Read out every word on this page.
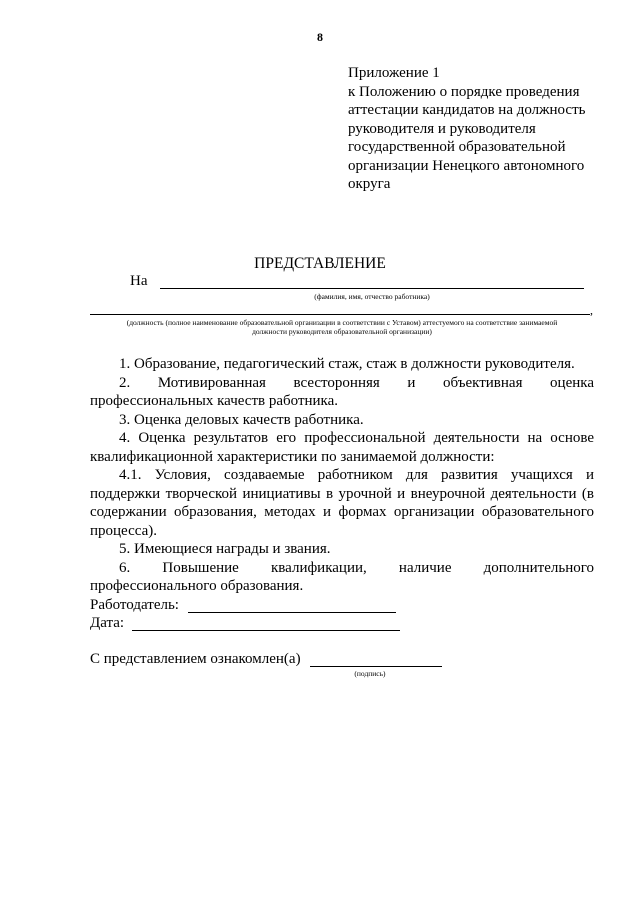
8
Приложение 1
к Положению о порядке проведения
аттестации кандидатов на должность
руководителя и руководителя
государственной образовательной
организации Ненецкого автономного
округа
ПРЕДСТАВЛЕНИЕ
На
(фамилия, имя, отчество работника)
,
(должность (полное наименование образовательной организации в соответствии с Уставом) аттестуемого на соответствие занимаемой
должности руководителя образовательной организации)
1. Образование, педагогический стаж, стаж в должности руководителя.
2. Мотивированная всесторонняя и объективная оценка профессиональных качеств работника.
3. Оценка деловых качеств работника.
4. Оценка результатов его профессиональной деятельности на основе квалификационной характеристики по занимаемой должности:
4.1. Условия, создаваемые работником для развития учащихся и поддержки творческой инициативы в урочной и внеурочной деятельности (в содержании образования, методах и формах организации образовательного процесса).
5. Имеющиеся награды и звания.
6. Повышение квалификации, наличие дополнительного профессионального образования.
Работодатель:
Дата:
С представлением ознакомлен(а)
(подпись)
